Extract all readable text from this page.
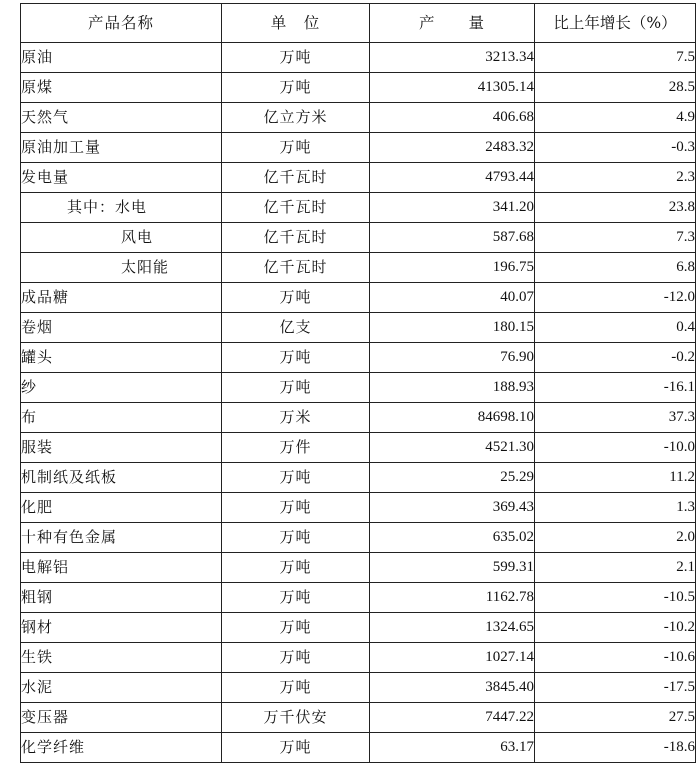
产品名称	单　位	产　　量	比上年增长（%）
原油	万吨	3213.34	7.5
原煤	万吨	41305.14	28.5
天然气	亿立方米	406.68	4.9
原油加工量	万吨	2483.32	-0.3
发电量	亿千瓦时	4793.44	2.3
其中：水电	亿千瓦时	341.20	23.8
风电	亿千瓦时	587.68	7.3
太阳能	亿千瓦时	196.75	6.8
成品糖	万吨	40.07	-12.0
卷烟	亿支	180.15	0.4
罐头	万吨	76.90	-0.2
纱	万吨	188.93	-16.1
布	万米	84698.10	37.3
服装	万件	4521.30	-10.0
机制纸及纸板	万吨	25.29	11.2
化肥	万吨	369.43	1.3
十种有色金属	万吨	635.02	2.0
电解铝	万吨	599.31	2.1
粗钢	万吨	1162.78	-10.5
钢材	万吨	1324.65	-10.2
生铁	万吨	1027.14	-10.6
水泥	万吨	3845.40	-17.5
变压器	万千伏安	7447.22	27.5
化学纤维	万吨	63.17	-18.6
